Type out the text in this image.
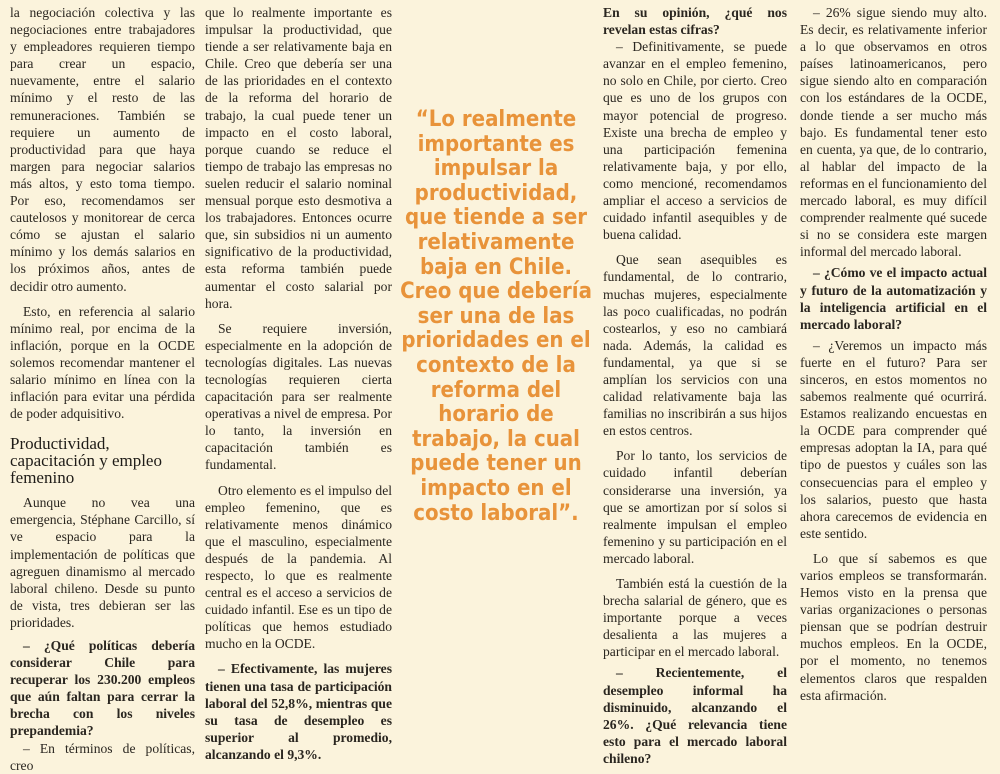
la negociación colectiva y las negociaciones entre trabajadores y empleadores requieren tiempo para crear un espacio, nuevamente, entre el salario mínimo y el resto de las remuneraciones. También se requiere un aumento de productividad para que haya margen para negociar salarios más altos, y esto toma tiempo. Por eso, recomendamos ser cautelosos y monitorear de cerca cómo se ajustan el salario mínimo y los demás salarios en los próximos años, antes de decidir otro aumento.

Esto, en referencia al salario mínimo real, por encima de la inflación, porque en la OCDE solemos recomendar mantener el salario mínimo en línea con la inflación para evitar una pérdida de poder adquisitivo.

Productividad, capacitación y empleo femenino

Aunque no vea una emergencia, Stéphane Carcillo, sí ve espacio para la implementación de políticas que agreguen dinamismo al mercado laboral chileno. Desde su punto de vista, tres debieran ser las prioridades.

– ¿Qué políticas debería considerar Chile para recuperar los 230.200 empleos que aún faltan para cerrar la brecha con los niveles prepandemia?

– En términos de políticas, creo

que lo realmente importante es impulsar la productividad, que tiende a ser relativamente baja en Chile. Creo que debería ser una de las prioridades en el contexto de la reforma del horario de trabajo, la cual puede tener un impacto en el costo laboral, porque cuando se reduce el tiempo de trabajo las empresas no suelen reducir el salario nominal mensual porque esto desmotiva a los trabajadores. Entonces ocurre que, sin subsidios ni un aumento significativo de la productividad, esta reforma también puede aumentar el costo salarial por hora.

Se requiere inversión, especialmente en la adopción de tecnologías digitales. Las nuevas tecnologías requieren cierta capacitación para ser realmente operativas a nivel de empresa. Por lo tanto, la inversión en capacitación también es fundamental.

Otro elemento es el impulso del empleo femenino, que es relativamente menos dinámico que el masculino, especialmente después de la pandemia. Al respecto, lo que es realmente central es el acceso a servicios de cuidado infantil. Ese es un tipo de políticas que hemos estudiado mucho en la OCDE.

– Efectivamente, las mujeres tienen una tasa de participación laboral del 52,8%, mientras que su tasa de desempleo es superior al promedio, alcanzando el 9,3%.

“Lo realmente importante es impulsar la productividad, que tiende a ser relativamente baja en Chile. Creo que debería ser una de las prioridades en el contexto de la reforma del horario de trabajo, la cual puede tener un impacto en el costo laboral”.

En su opinión, ¿qué nos revelan estas cifras?

– Definitivamente, se puede avanzar en el empleo femenino, no solo en Chile, por cierto. Creo que es uno de los grupos con mayor potencial de progreso. Existe una brecha de empleo y una participación femenina relativamente baja, y por ello, como mencioné, recomendamos ampliar el acceso a servicios de cuidado infantil asequibles y de buena calidad.

Que sean asequibles es fundamental, de lo contrario, muchas mujeres, especialmente las poco cualificadas, no podrán costearlos, y eso no cambiará nada. Además, la calidad es fundamental, ya que si se amplían los servicios con una calidad relativamente baja las familias no inscribirán a sus hijos en estos centros.

Por lo tanto, los servicios de cuidado infantil deberían considerarse una inversión, ya que se amortizan por sí solos si realmente impulsan el empleo femenino y su participación en el mercado laboral.

También está la cuestión de la brecha salarial de género, que es importante porque a veces desalienta a las mujeres a participar en el mercado laboral.

– Recientemente, el desempleo informal ha disminuido, alcanzando el 26%. ¿Qué relevancia tiene esto para el mercado laboral chileno?

– 26% sigue siendo muy alto. Es decir, es relativamente inferior a lo que observamos en otros países latinoamericanos, pero sigue siendo alto en comparación con los estándares de la OCDE, donde tiende a ser mucho más bajo. Es fundamental tener esto en cuenta, ya que, de lo contrario, al hablar del impacto de la reformas en el funcionamiento del mercado laboral, es muy difícil comprender realmente qué sucede si no se considera este margen informal del mercado laboral.

– ¿Cómo ve el impacto actual y futuro de la automatización y la inteligencia artificial en el mercado laboral?

– ¿Veremos un impacto más fuerte en el futuro? Para ser sinceros, en estos momentos no sabemos realmente qué ocurrirá. Estamos realizando encuestas en la OCDE para comprender qué empresas adoptan la IA, para qué tipo de puestos y cuáles son las consecuencias para el empleo y los salarios, puesto que hasta ahora carecemos de evidencia en este sentido.

Lo que sí sabemos es que varios empleos se transformarán. Hemos visto en la prensa que varias organizaciones o personas piensan que se podrían destruir muchos empleos. En la OCDE, por el momento, no tenemos elementos claros que respalden esta afirmación.
